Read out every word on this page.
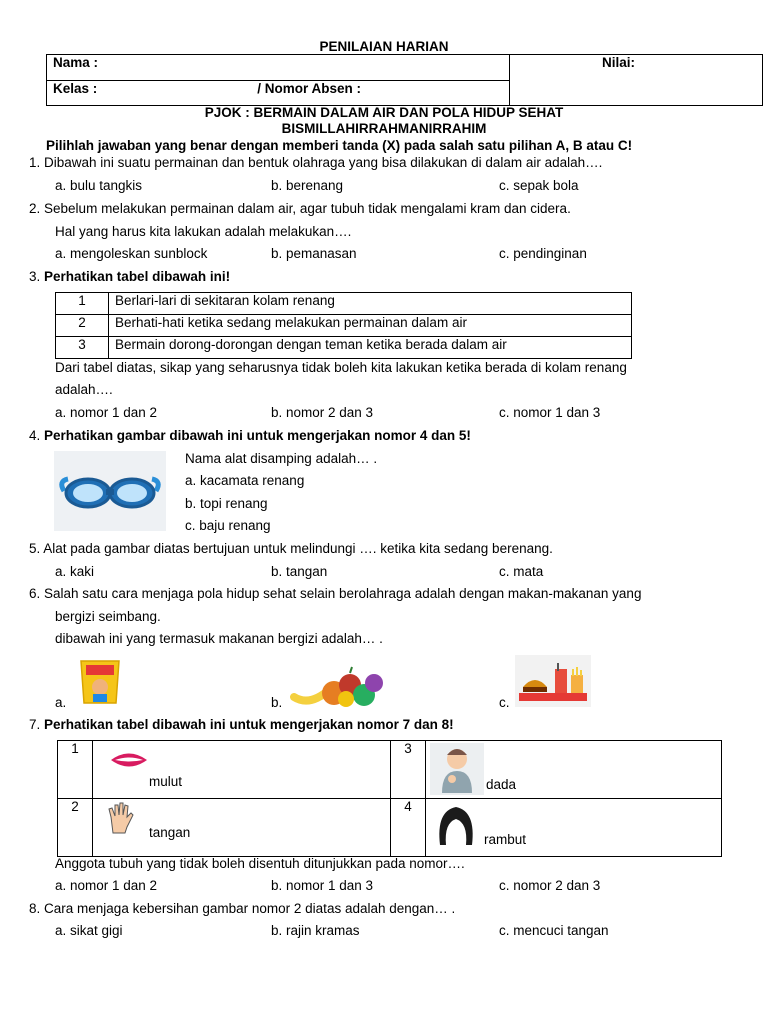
PENILAIAN HARIAN
Nama :	Nilai:
Kelas :	/ Nomor Absen :
PJOK : BERMAIN DALAM AIR DAN POLA HIDUP SEHAT
BISMILLAHIRRAHMANIRRAHIM
Pilihlah jawaban yang benar dengan memberi tanda (X) pada salah satu pilihan A, B atau C!
1. Dibawah ini suatu permainan dan bentuk olahraga yang bisa dilakukan di dalam air adalah….
a. bulu tangkis	b. berenang	c. sepak bola
2. Sebelum melakukan permainan dalam air, agar tubuh tidak mengalami kram dan cidera.
Hal yang harus kita lakukan adalah melakukan….
a. mengoleskan sunblock	b. pemanasan	c. pendinginan
3. Perhatikan tabel dibawah ini!
1	Berlari-lari di sekitaran kolam renang
2	Berhati-hati ketika sedang melakukan permainan dalam air
3	Bermain dorong-dorongan dengan teman ketika berada dalam air
Dari tabel diatas, sikap yang seharusnya tidak boleh kita lakukan ketika berada di kolam renang
adalah….
a. nomor 1 dan 2	b. nomor 2 dan 3	c. nomor 1 dan 3
4. Perhatikan gambar dibawah ini untuk mengerjakan nomor 4 dan 5!
Nama alat disamping adalah… .
a. kacamata renang
b. topi renang
c. baju renang
5. Alat pada gambar diatas bertujuan untuk melindungi …. ketika kita sedang berenang.
a. kaki	b. tangan	c. mata
6. Salah satu cara menjaga pola hidup sehat selain berolahraga adalah dengan makan-makanan yang
bergizi seimbang.
dibawah ini yang termasuk makanan bergizi adalah… .
a.	b.	c.
7. Perhatikan tabel dibawah ini untuk mengerjakan nomor 7 dan 8!
1	mulut	3	dada

2	tangan	4	rambut
Anggota tubuh yang tidak boleh disentuh ditunjukkan pada nomor….
a. nomor 1 dan 2	b. nomor 1 dan 3	c. nomor 2 dan 3
8. Cara menjaga kebersihan gambar nomor 2 diatas adalah dengan… .
a. sikat gigi	b. rajin kramas	c. mencuci tangan
